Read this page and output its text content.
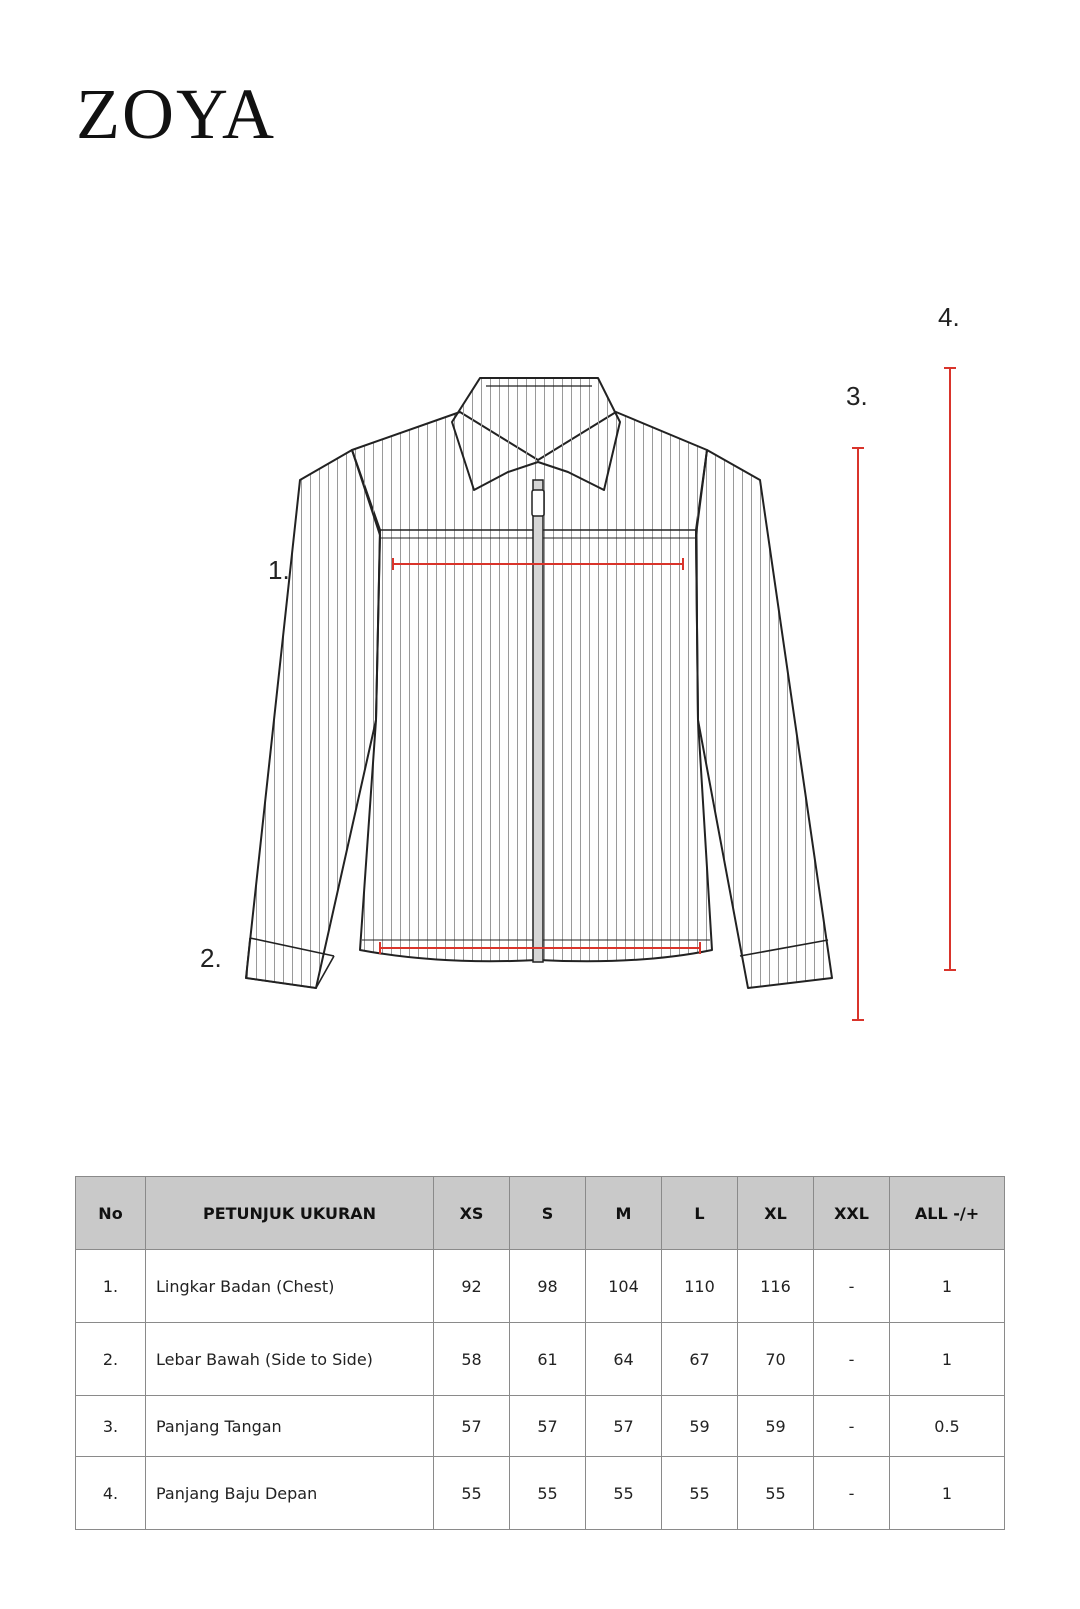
ZOYA
1.
2.
3.
4.
No	PETUNJUK UKURAN	XS	S	M	L	XL	XXL	ALL -/+
1.	Lingkar Badan (Chest)	92	98	104	110	116	-	1
2.	Lebar Bawah (Side to Side)	58	61	64	67	70	-	1
3.	Panjang Tangan	57	57	57	59	59	-	0.5
4.	Panjang Baju Depan	55	55	55	55	55	-	1
